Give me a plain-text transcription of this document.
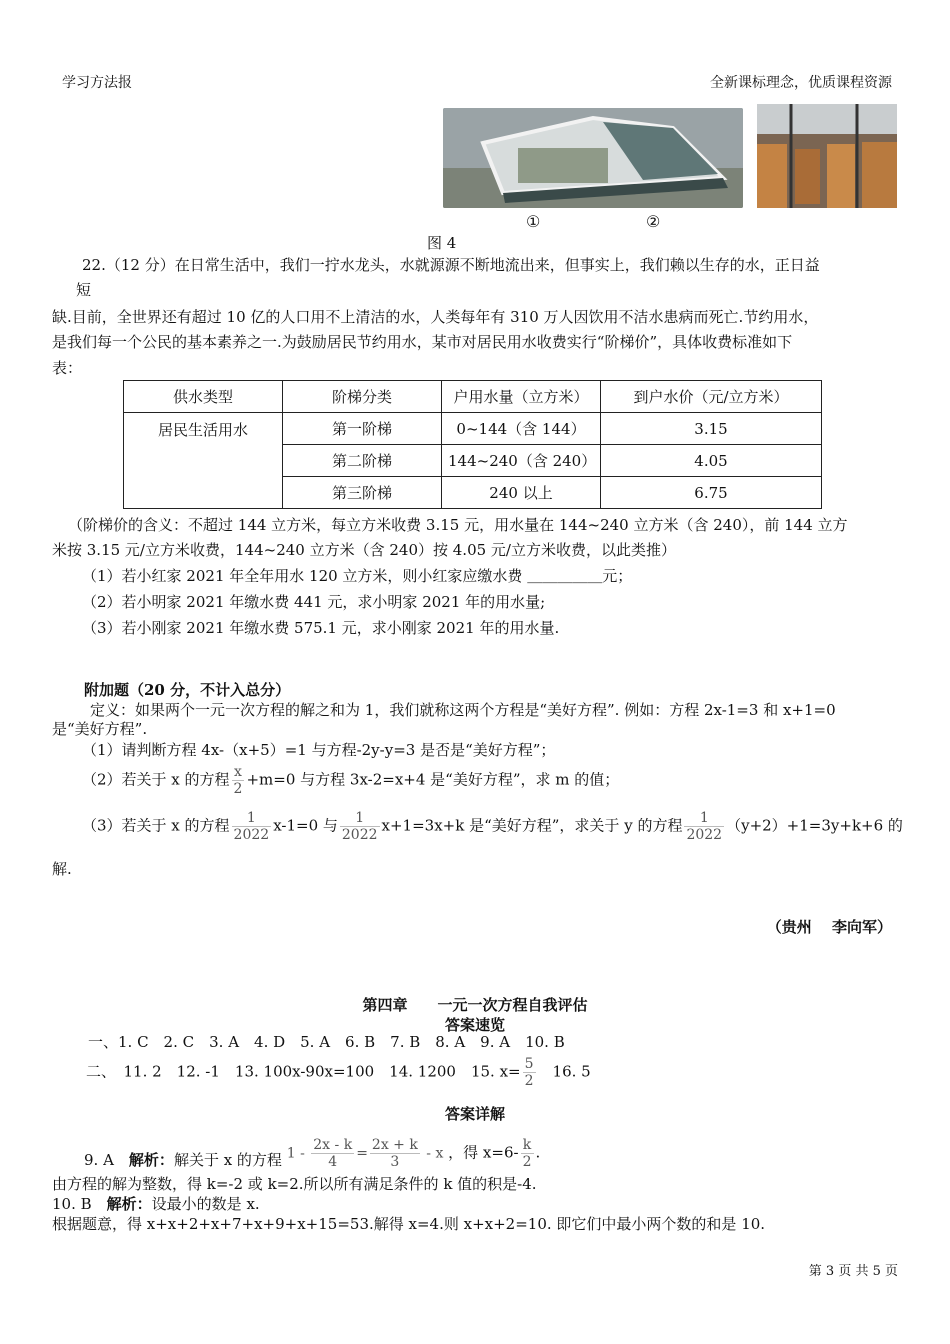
学习方法报	全新课标理念，优质课程资源
①	②
图 4
22.（12 分）在日常生活中，我们一拧水龙头，水就源源不断地流出来，但事实上，我们赖以生存的水，正日益
短
缺.目前，全世界还有超过 10 亿的人口用不上清洁的水，人类每年有 310 万人因饮用不洁水患病而死亡.节约用水，
是我们每一个公民的基本素养之一.为鼓励居民节约用水，某市对居民用水收费实行“阶梯价”，具体收费标准如下
表：
供水类型	阶梯分类	户用水量（立方米）	到户水价（元/立方米）
居民生活用水	第一阶梯	0~144（含 144）	3.15
	第二阶梯	144~240（含 240）	4.05
	第三阶梯	240 以上	6.75
（阶梯价的含义：不超过 144 立方米，每立方米收费 3.15 元，用水量在 144~240 立方米（含 240），前 144 立方
米按 3.15 元/立方米收费，144~240 立方米（含 240）按 4.05 元/立方米收费，以此类推）
（1）若小红家 2021 年全年用水 120 立方米，则小红家应缴水费 ＿＿＿＿＿元；
（2）若小明家 2021 年缴水费 441 元，求小明家 2021 年的用水量;
（3）若小刚家 2021 年缴水费 575.1 元，求小刚家 2021 年的用水量.
附加题（20 分，不计入总分）
定义：如果两个一元一次方程的解之和为 1，我们就称这两个方程是“美好方程”. 例如：方程 2x-1=3 和 x+1=0
是“美好方程”.
（1）请判断方程 4x-（x+5）=1 与方程-2y-y=3 是否是“美好方程”；
（2）若关于 x 的方程 $\frac{x}{2} +m=0$ 与方程 3x-2=x+4 是“美好方程”，求 m 的值；
（3）若关于 x 的方程 $\frac{1}{2022} x-1=0$ 与 $\frac{1}{2022} x+1=3x+k$ 是“美好方程”，求关于 y 的方程 $\frac{1}{2022} (y+2)+1=3y+k+6$ 的
解.
（贵州　 李向军）
第四章　　一元一次方程自我评估
答案速览
一、1. C　2. C　3. A　4. D　5. A　6. B　7. B　8. A　9. A　10. B
二、　11. 2　12. -1　13. 100x-90x=100　14. 1200　15. $x= \frac{5}{2}$ 　16. 5
答案详解
9. A　解析：解关于 x 的方程 $1 - \frac{2x - k}{4} = \frac{2x + k}{3} - x$ ，得 $x=6- \frac{k}{2}$ .
由方程的解为整数，得 k=-2 或 k=2.所以所有满足条件的 k 值的积是-4.
10. B　解析：设最小的数是 x.
根据题意，得 x+x+2+x+7+x+9+x+15=53.解得 x=4.则 x+x+2=10. 即它们中最小两个数的和是 10.
第 3 页 共 5 页
